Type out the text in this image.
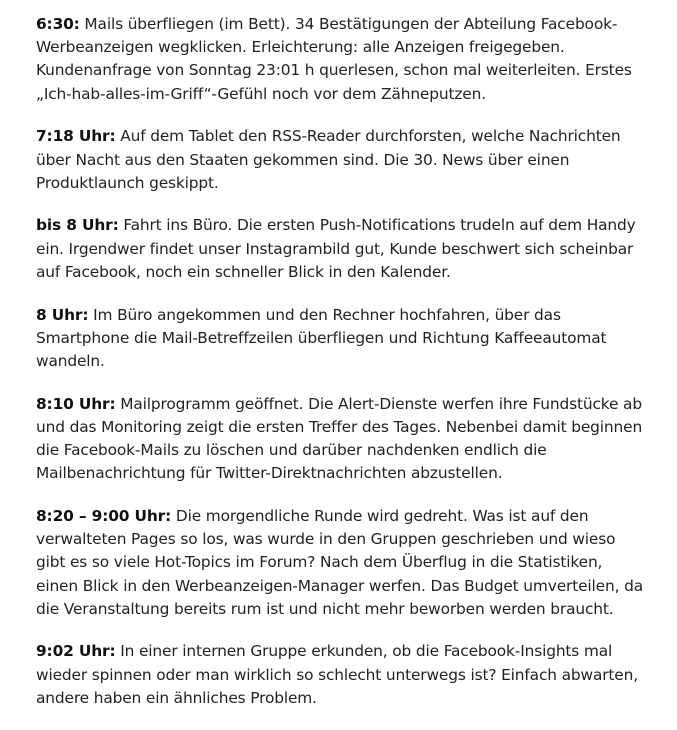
6:30: Mails überfliegen (im Bett). 34 Bestätigungen der Abteilung Facebook-Werbeanzeigen wegklicken. Erleichterung: alle Anzeigen freigegeben. Kundenanfrage von Sonntag 23:01 h querlesen, schon mal weiterleiten. Erstes „Ich-hab-alles-im-Griff“-Gefühl noch vor dem Zähneputzen.

7:18 Uhr: Auf dem Tablet den RSS-Reader durchforsten, welche Nachrichten über Nacht aus den Staaten gekommen sind. Die 30. News über einen Produktlaunch geskippt.

bis 8 Uhr: Fahrt ins Büro. Die ersten Push-Notifications trudeln auf dem Handy ein. Irgendwer findet unser Instagrambild gut, Kunde beschwert sich scheinbar auf Facebook, noch ein schneller Blick in den Kalender.

8 Uhr: Im Büro angekommen und den Rechner hochfahren, über das Smartphone die Mail-Betreffzeilen überfliegen und Richtung Kaffeeautomat wandeln.

8:10 Uhr: Mailprogramm geöffnet. Die Alert-Dienste werfen ihre Fundstücke ab und das Monitoring zeigt die ersten Treffer des Tages. Nebenbei damit beginnen die Facebook-Mails zu löschen und darüber nachdenken endlich die Mailbenachrichtung für Twitter-Direktnachrichten abzustellen.

8:20 – 9:00 Uhr: Die morgendliche Runde wird gedreht. Was ist auf den verwalteten Pages so los, was wurde in den Gruppen geschrieben und wieso gibt es so viele Hot-Topics im Forum? Nach dem Überflug in die Statistiken, einen Blick in den Werbeanzeigen-Manager werfen. Das Budget umverteilen, da die Veranstaltung bereits rum ist und nicht mehr beworben werden braucht.

9:02 Uhr: In einer internen Gruppe erkunden, ob die Facebook-Insights mal wieder spinnen oder man wirklich so schlecht unterwegs ist? Einfach abwarten, andere haben ein ähnliches Problem.
